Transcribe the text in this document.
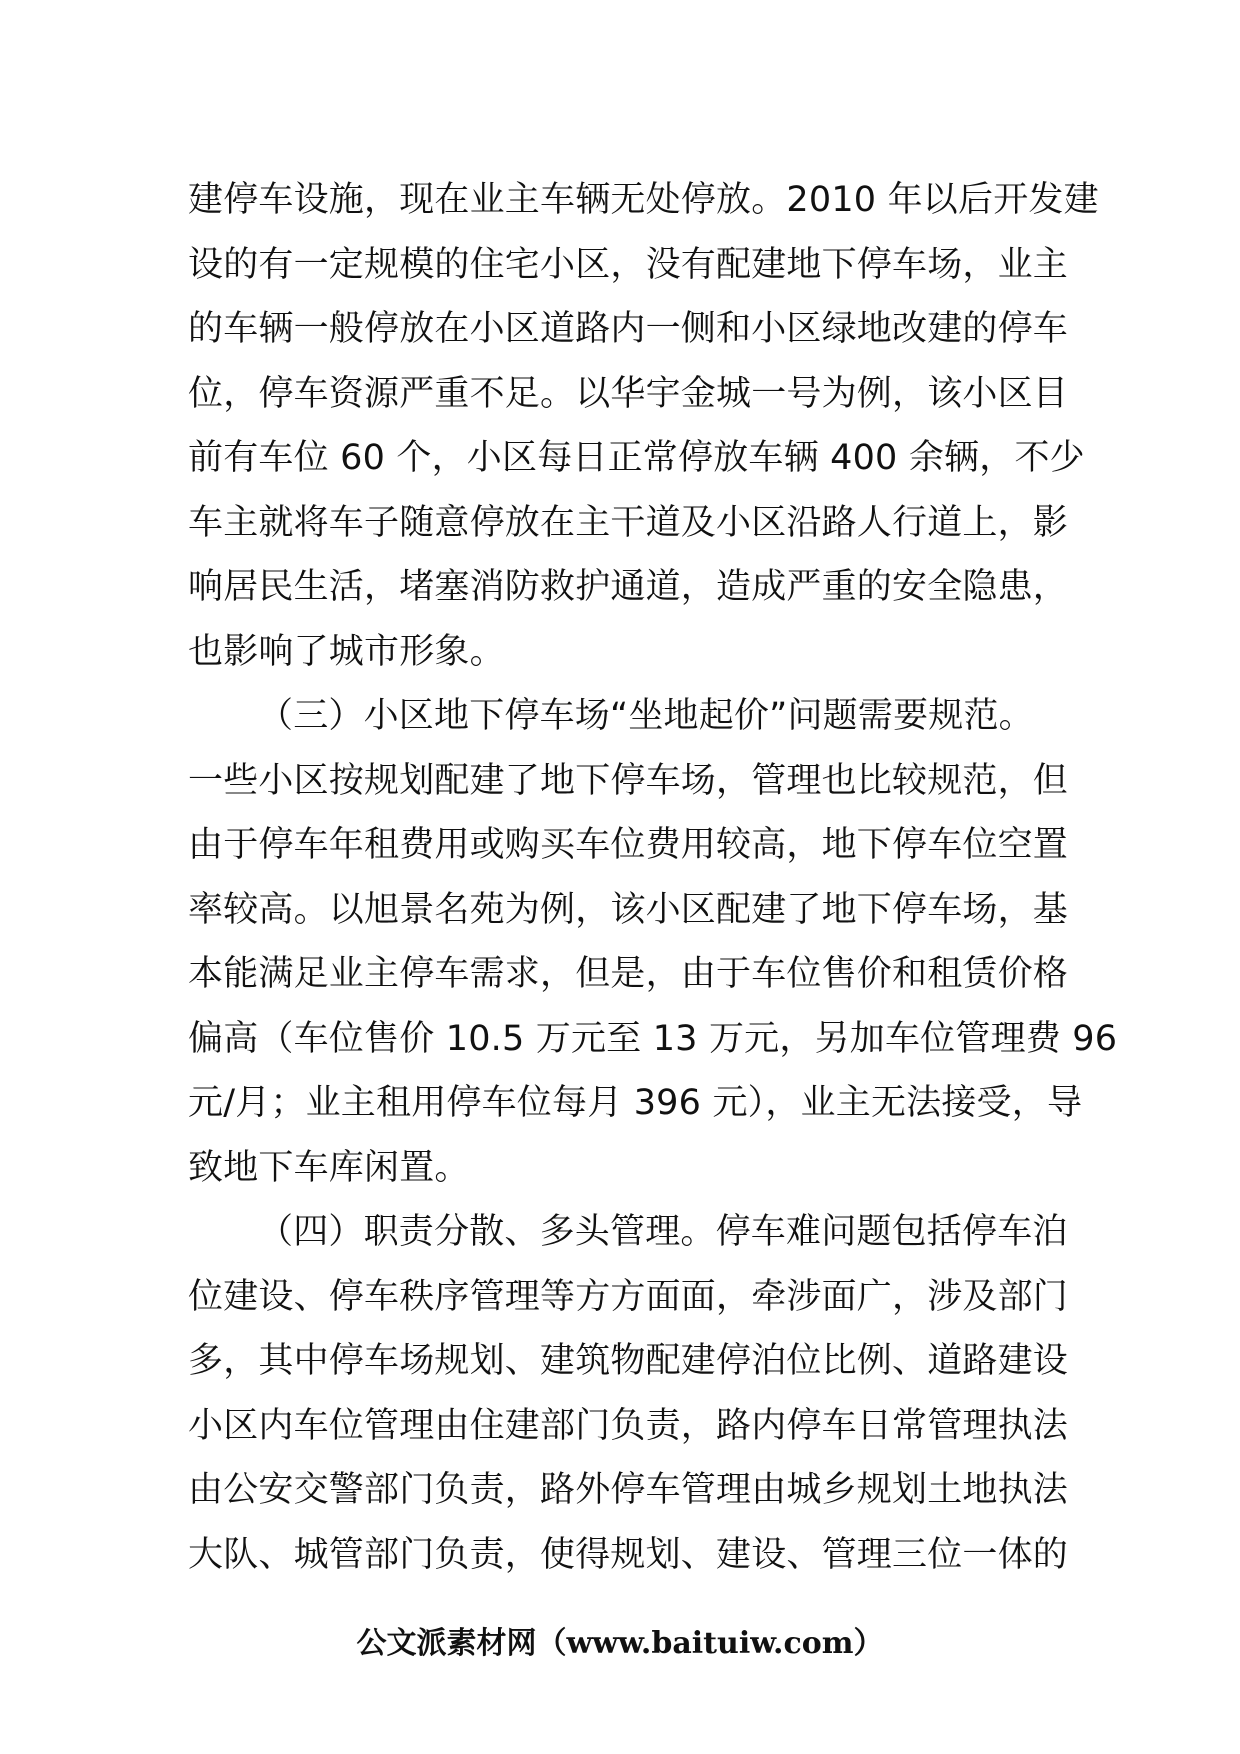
建停车设施，现在业主车辆无处停放。2010 年以后开发建
设的有一定规模的住宅小区，没有配建地下停车场，业主
的车辆一般停放在小区道路内一侧和小区绿地改建的停车
位，停车资源严重不足。以华宇金城一号为例，该小区目
前有车位 60 个，小区每日正常停放车辆 400 余辆，不少
车主就将车子随意停放在主干道及小区沿路人行道上，影
响居民生活，堵塞消防救护通道，造成严重的安全隐患，
也影响了城市形象。
（三）小区地下停车场“坐地起价”问题需要规范。
一些小区按规划配建了地下停车场，管理也比较规范，但
由于停车年租费用或购买车位费用较高，地下停车位空置
率较高。以旭景名苑为例，该小区配建了地下停车场，基
本能满足业主停车需求，但是，由于车位售价和租赁价格
偏高（车位售价 10.5 万元至 13 万元，另加车位管理费 96
元/月；业主租用停车位每月 396 元），业主无法接受，导
致地下车库闲置。
（四）职责分散、多头管理。停车难问题包括停车泊
位建设、停车秩序管理等方方面面，牵涉面广，涉及部门
多，其中停车场规划、建筑物配建停泊位比例、道路建设
小区内车位管理由住建部门负责，路内停车日常管理执法
由公安交警部门负责，路外停车管理由城乡规划土地执法
大队、城管部门负责，使得规划、建设、管理三位一体的
公文派素材网（www.baituiw.com）
